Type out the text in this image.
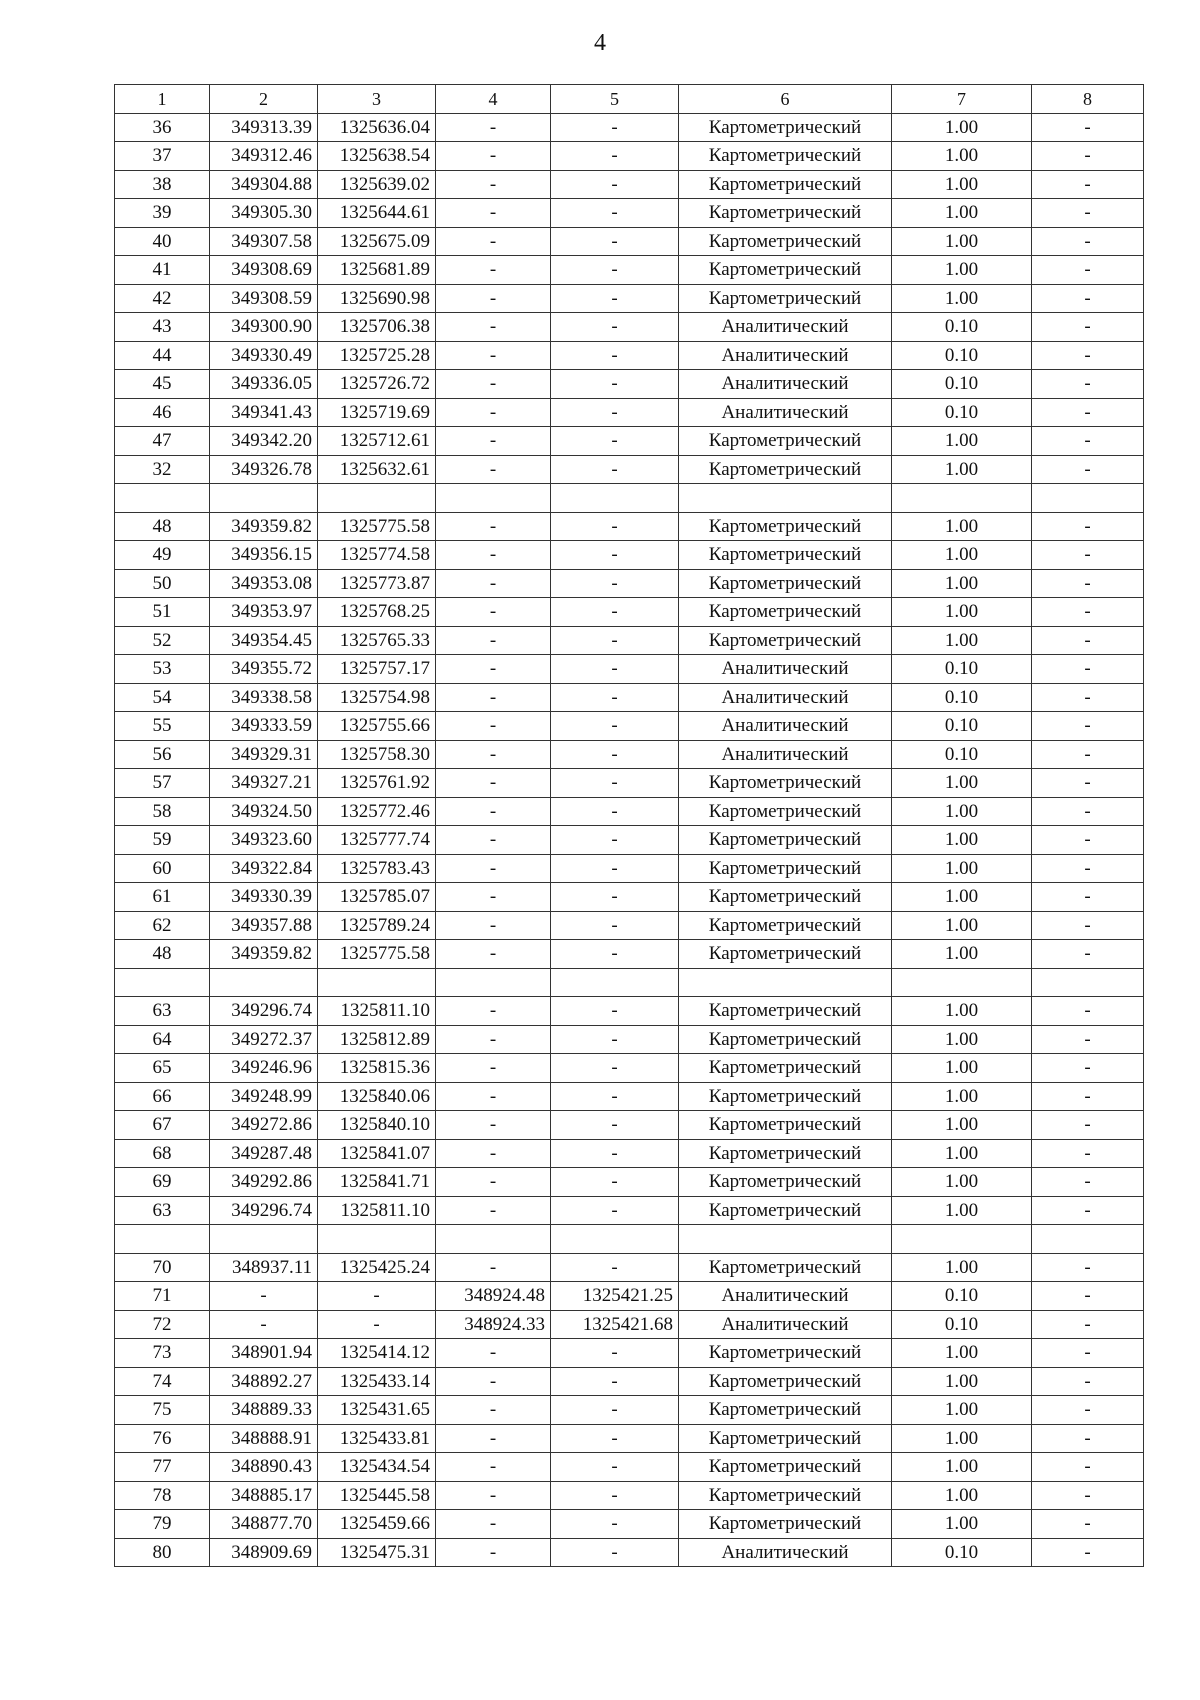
4
1	2	3	4	5	6	7	8
36	349313.39	1325636.04	-	-	Картометрический	1.00	-
37	349312.46	1325638.54	-	-	Картометрический	1.00	-
38	349304.88	1325639.02	-	-	Картометрический	1.00	-
39	349305.30	1325644.61	-	-	Картометрический	1.00	-
40	349307.58	1325675.09	-	-	Картометрический	1.00	-
41	349308.69	1325681.89	-	-	Картометрический	1.00	-
42	349308.59	1325690.98	-	-	Картометрический	1.00	-
43	349300.90	1325706.38	-	-	Аналитический	0.10	-
44	349330.49	1325725.28	-	-	Аналитический	0.10	-
45	349336.05	1325726.72	-	-	Аналитический	0.10	-
46	349341.43	1325719.69	-	-	Аналитический	0.10	-
47	349342.20	1325712.61	-	-	Картометрический	1.00	-
32	349326.78	1325632.61	-	-	Картометрический	1.00	-

48	349359.82	1325775.58	-	-	Картометрический	1.00	-
49	349356.15	1325774.58	-	-	Картометрический	1.00	-
50	349353.08	1325773.87	-	-	Картометрический	1.00	-
51	349353.97	1325768.25	-	-	Картометрический	1.00	-
52	349354.45	1325765.33	-	-	Картометрический	1.00	-
53	349355.72	1325757.17	-	-	Аналитический	0.10	-
54	349338.58	1325754.98	-	-	Аналитический	0.10	-
55	349333.59	1325755.66	-	-	Аналитический	0.10	-
56	349329.31	1325758.30	-	-	Аналитический	0.10	-
57	349327.21	1325761.92	-	-	Картометрический	1.00	-
58	349324.50	1325772.46	-	-	Картометрический	1.00	-
59	349323.60	1325777.74	-	-	Картометрический	1.00	-
60	349322.84	1325783.43	-	-	Картометрический	1.00	-
61	349330.39	1325785.07	-	-	Картометрический	1.00	-
62	349357.88	1325789.24	-	-	Картометрический	1.00	-
48	349359.82	1325775.58	-	-	Картометрический	1.00	-

63	349296.74	1325811.10	-	-	Картометрический	1.00	-
64	349272.37	1325812.89	-	-	Картометрический	1.00	-
65	349246.96	1325815.36	-	-	Картометрический	1.00	-
66	349248.99	1325840.06	-	-	Картометрический	1.00	-
67	349272.86	1325840.10	-	-	Картометрический	1.00	-
68	349287.48	1325841.07	-	-	Картометрический	1.00	-
69	349292.86	1325841.71	-	-	Картометрический	1.00	-
63	349296.74	1325811.10	-	-	Картометрический	1.00	-

70	348937.11	1325425.24	-	-	Картометрический	1.00	-
71	-	-	348924.48	1325421.25	Аналитический	0.10	-
72	-	-	348924.33	1325421.68	Аналитический	0.10	-
73	348901.94	1325414.12	-	-	Картометрический	1.00	-
74	348892.27	1325433.14	-	-	Картометрический	1.00	-
75	348889.33	1325431.65	-	-	Картометрический	1.00	-
76	348888.91	1325433.81	-	-	Картометрический	1.00	-
77	348890.43	1325434.54	-	-	Картометрический	1.00	-
78	348885.17	1325445.58	-	-	Картометрический	1.00	-
79	348877.70	1325459.66	-	-	Картометрический	1.00	-
80	348909.69	1325475.31	-	-	Аналитический	0.10	-
